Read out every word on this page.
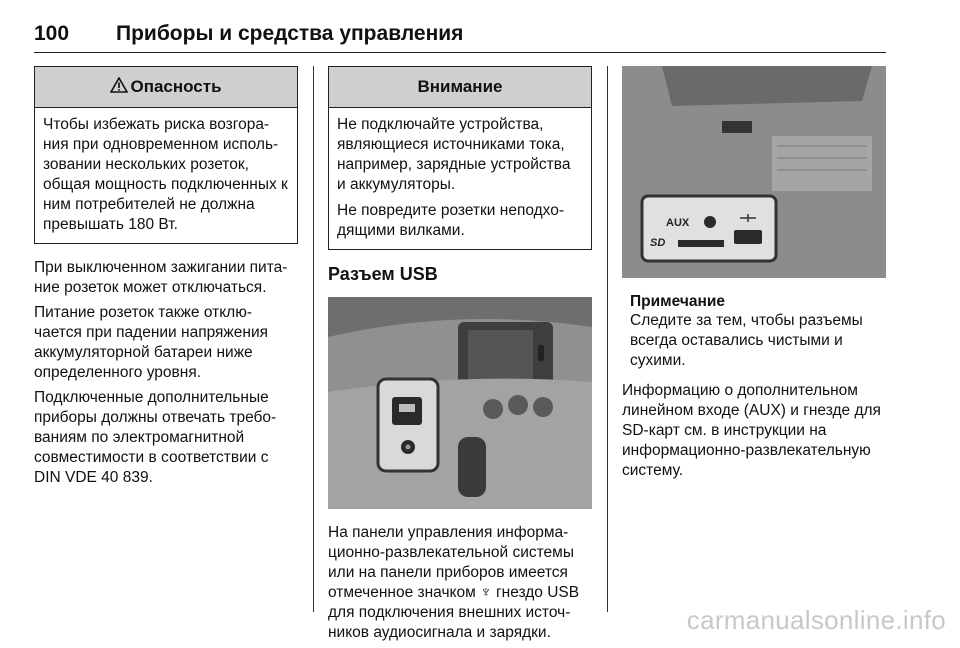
100 Приборы и средства управления
Опасность

Чтобы избежать риска возгора-ния при одновременном исполь-зовании нескольких розеток, общая мощность подключенных к ним потребителей не должна превышать 180 Вт.

При выключенном зажигании пита-ние розеток может отключаться.

Питание розеток также отклю-чается при падении напряжения аккумуляторной батареи ниже определенного уровня.

Подключенные дополнительные приборы должны отвечать требо-ваниям по электромагнитной совместимости в соответствии с DIN VDE 40 839.

Внимание

Не подключайте устройства, являющиеся источниками тока, например, зарядные устройства и аккумуляторы.

Не повредите розетки неподхо-дящими вилками.

Разъем USB

На панели управления информа-ционно-развлекательной системы или на панели приборов имеется отмеченное значком ♆ гнездо USB для подключения внешних источ-ников аудиосигнала и зарядки.

AUX
SD
Примечание
Следите за тем, чтобы разъемы всегда оставались чистыми и сухими.

Информацию о дополнительном линейном входе (AUX) и гнезде для SD-карт см. в инструкции на информационно-развлекательную систему.

carmanualsonline.info
